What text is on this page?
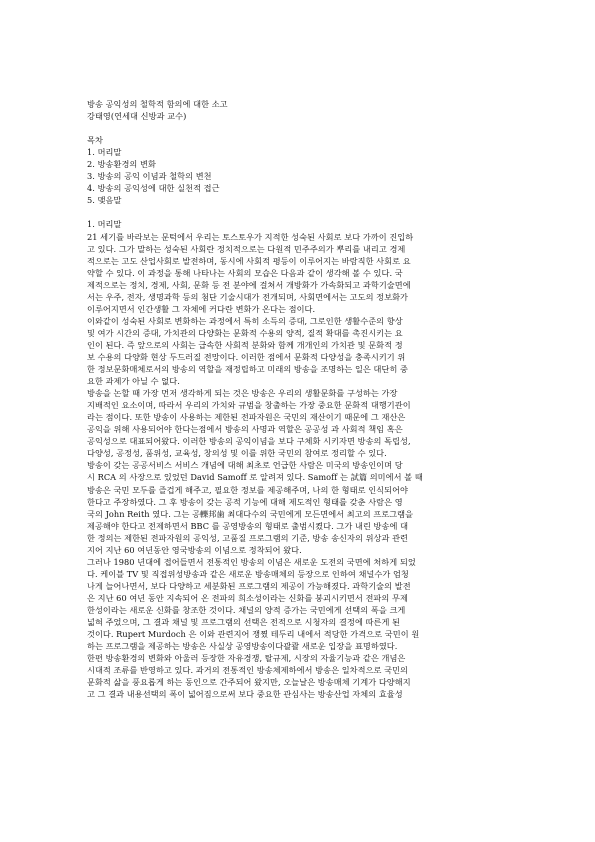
방송 공익성의 철학적 함의에 대한 소고
강태영(연세대 신방과 교수)
목차
1. 머리말
2. 방송환경의 변화
3. 방송의 공익 이념과 철학의 변천
4. 방송의 공익성에 대한 실천적 접근
5. 맺음말
1. 머리말
21 세기를 바라보는 문턱에서 우리는 토스토우가 지적한 성숙된 사회로 보다 가까이 진입하
고 있다. 그가 말하는 성숙된 사회란 정치적으로는 다원적 민주주의가 뿌리를 내리고 경제
적으로는 고도 산업사회로 발전하며, 동시에 사회적 평등이 이루어지는 바람직한 사회로 요
약할 수 있다. 이 과정을 통해 나타나는 사회의 모습은 다음과 같이 생각해 볼 수 있다. 국
제적으로는 정치, 경제, 사회, 문화 등 전 분야에 걸쳐서 개방화가 가속화되고 과학기술면에
서는 우주, 전자, 생명과학 등의 첨단 기술시대가 전개되며, 사회면에서는 고도의 정보화가
이루어지면서 인간생활 그 자체에 커다란 변화가 온다는 점이다.
이와같이 성숙된 사회로 변화하는 과정에서 특히 소득의 증대, 그로인한 생활수준의 향상
및 여가 시간의 증대, 가치관의 다양화는 문화적 수용의 양적, 질적 확대를 촉진시키는 요
인이 된다. 즉 앞으로의 사회는 급속한 사회적 분화와 함께 개개인의 가치관 및 문화적 정
보 수용의 다양화 현상 두드러질 전망이다. 이러한 점에서 문화적 다양성을 충족시키기 위
한 정보문화매체로서의 방송의 역할을 재정립하고 미래의 방송을 조명하는 일은 대단히 중
요한 과제가 아닐 수 없다.
방송을 논할 때 가장 먼저 생각하게 되는 것은 방송은 우리의 생활문화를 구성하는 가장
지배적인 요소이며, 따라서 우리의 가치와 규범을 창출하는 가장 중요한 문화적 대행기관이
라는 점이다. 또한 방송이 사용하는 제한된 전파자원은 국민의 재산이기 때문에 그 재산은
공익을 위해 사용되어야 한다는점에서 방송의 사명과 역할은 공공성 과 사회적 책임 혹은
공익성으로 대표되어왔다. 이러한 방송의 공익이념을 보다 구체화 시키자면 방송의 독립성,
다양성, 공정성, 품위성, 교육성, 창의성 및 이를 위한 국민의 참여로 정리할 수 있다.
방송이 갖는 공공서비스 서비스 개념에 대해 최초로 언급한 사람은 미국의 방송인이며 당
시 RCA 의 사장으로 있었던 David Samoff 로 알려져 있다. Samoff 는 試篇 의미에서 볼 때
방송은 국민 모두를 즐겁게 해주고, 필요한 정보를 제공해주며, 나의 한 형태로 인식되어야
한다고 주장하였다. 그 후 방송이 갖는 공적 기능에 대해 제도적인 형태를 갖춘 사람은 영
국의 John Reith 였다. 그는 공轢邦歯 최대다수의 국민에게 모든면에서 최고의 프로그램을
제공해야 한다고 전제하면서 BBC 를 공영방송의 형태로 출범시켰다. 그가 내린 방송에 대
한 정의는 제한된 전파자원의 공익성, 고품질 프로그램의 기준, 방송 송신자의 위상과 관련
지어 지난 60 여년동안 영국방송의 이념으로 정착되어 왔다.
그러나 1980 년대에 접어들면서 전통적인 방송의 이념은 새로운 도전의 국면에 처하게 되었
다. 케이블 TV 및 직접위성방송과 같은 새로운 방송매체의 등장으로 인하여 채널수가 엄청
나게 늘어나면서, 보다 다양하고 세분화된 프로그램의 제공이 가능해졌다. 과학기술의 발전
은 지난 60 여년 동안 지속되어 온 전파의 희소성이라는 신화를 붕괴시키면서 전파의 무제
한성이라는 새로운 신화를 창조한 것이다. 채널의 양적 증가는 국민에게 선택의 폭을 크게
넓혀 주었으며, 그 결과 채널 및 프로그램의 선택은 전적으로 시청자의 결정에 따른게 된
것이다. Rupert Murdoch 은 이와 관련지어 쟁쪘 테두리 내에서 적당한 가격으로 국민이 원
하는 프로그램을 제공하는 방송은 사실상 공영방송이다괄콸 새로운 입장을 표명하였다.
한편 방송환경의 변화와 아울러 등장한 자유경쟁, 탈규제, 시장의 자율기능과 같은 개념은
시대적 조류를 반영하고 있다. 과거의 전통적인 방송체제하에서 방송은 일차적으로 국민의
문화적 삶을 풍요롭게 하는 동인으로 간주되어 왔지만, 오늘날은 방송매체 기계가 다양해지
고 그 결과 내용선택의 폭이 넓어짐으로써 보다 중요한 관심사는 방송산업 자체의 효율성
